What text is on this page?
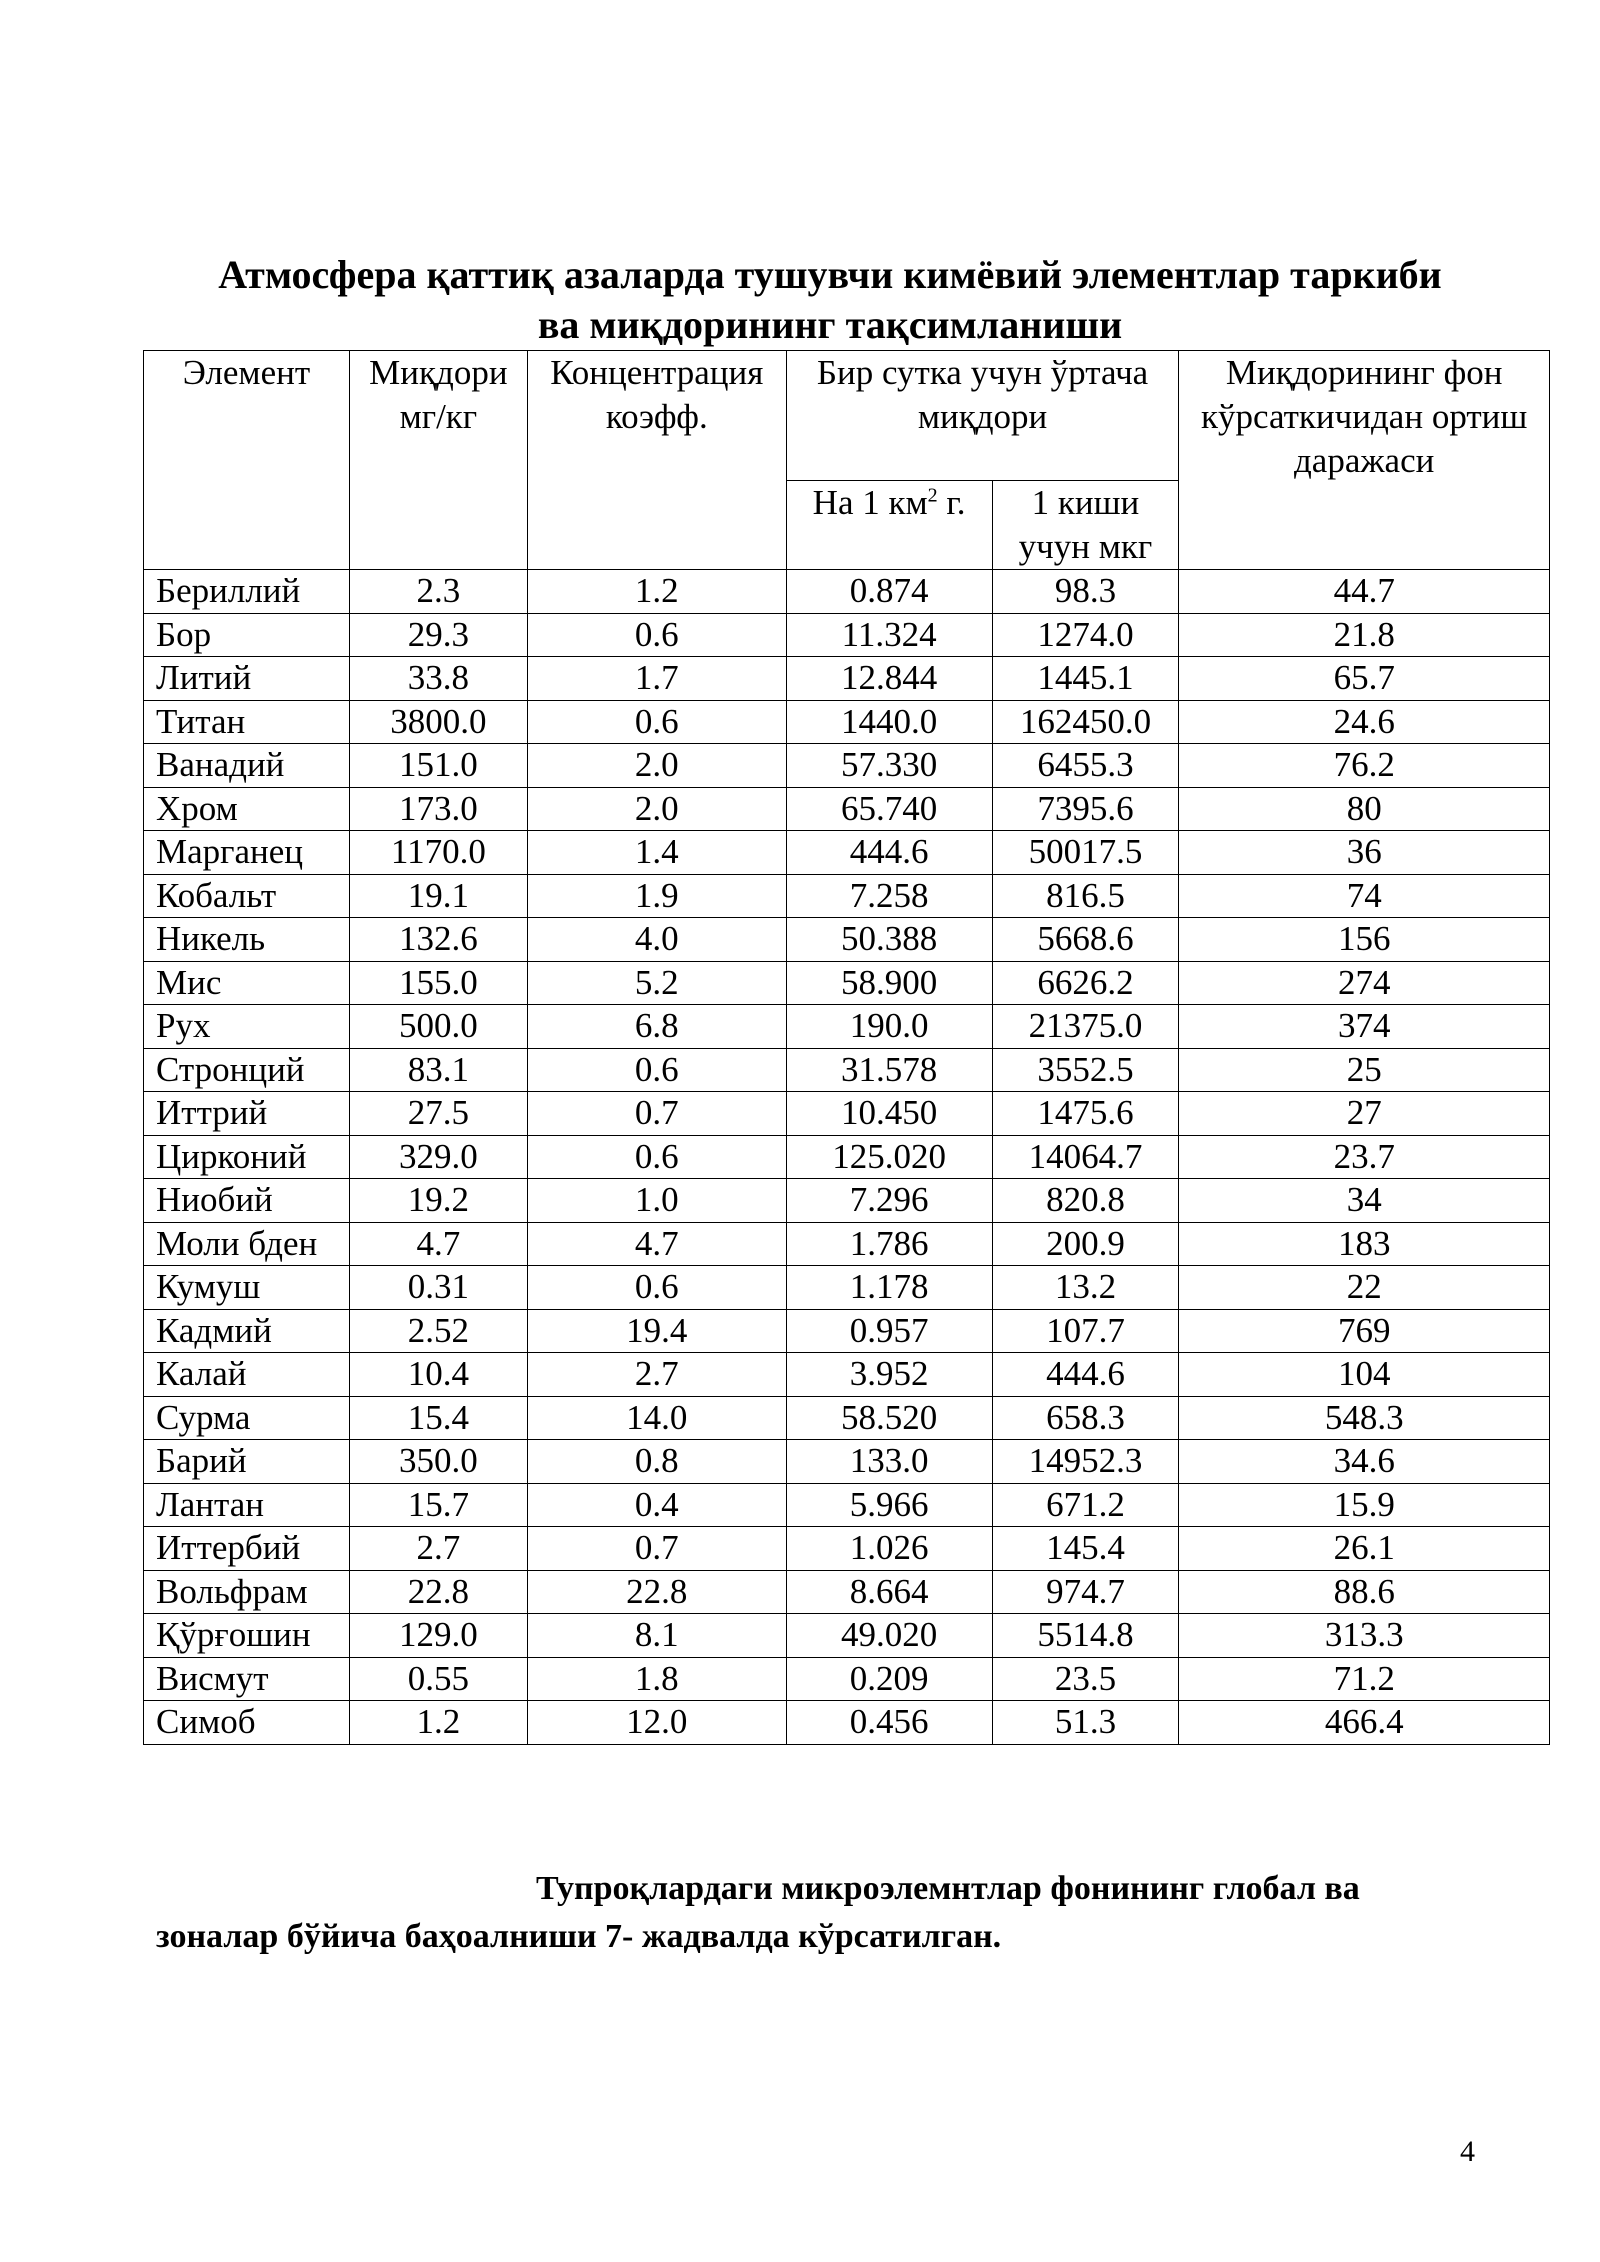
Атмосфера қаттиқ азаларда тушувчи кимёвий элементлар таркиби
ва миқдорининг тақсимланиши
Элемент	Миқдори мг/кг	Концентрация коэфф.	Бир сутка учун ўртача миқдори		Миқдорининг фон кўрсаткичидан ортиш даражаси
			На 1 $км^2$ г.	1 киши учун мкг	
Бериллий	2.3	1.2	0.874	98.3	44.7
Бор	29.3	0.6	11.324	1274.0	21.8
Литий	33.8	1.7	12.844	1445.1	65.7
Титан	3800.0	0.6	1440.0	162450.0	24.6
Ванадий	151.0	2.0	57.330	6455.3	76.2
Хром	173.0	2.0	65.740	7395.6	80
Марганец	1170.0	1.4	444.6	50017.5	36
Кобальт	19.1	1.9	7.258	816.5	74
Никель	132.6	4.0	50.388	5668.6	156
Мис	155.0	5.2	58.900	6626.2	274
Рух	500.0	6.8	190.0	21375.0	374
Стронций	83.1	0.6	31.578	3552.5	25
Иттрий	27.5	0.7	10.450	1475.6	27
Цирконий	329.0	0.6	125.020	14064.7	23.7
Ниобий	19.2	1.0	7.296	820.8	34
Моли бден	4.7	4.7	1.786	200.9	183
Кумуш	0.31	0.6	1.178	13.2	22
Кадмий	2.52	19.4	0.957	107.7	769
Калай	10.4	2.7	3.952	444.6	104
Сурма	15.4	14.0	58.520	658.3	548.3
Барий	350.0	0.8	133.0	14952.3	34.6
Лантан	15.7	0.4	5.966	671.2	15.9
Иттербий	2.7	0.7	1.026	145.4	26.1
Вольфрам	22.8	22.8	8.664	974.7	88.6
Қўрғошин	129.0	8.1	49.020	5514.8	313.3
Висмут	0.55	1.8	0.209	23.5	71.2
Симоб	1.2	12.0	0.456	51.3	466.4

Тупроқлардаги микроэлемнтлар фонининг глобал ва зоналар бўйича баҳоалниши 7- жадвалда кўрсатилган.

4
